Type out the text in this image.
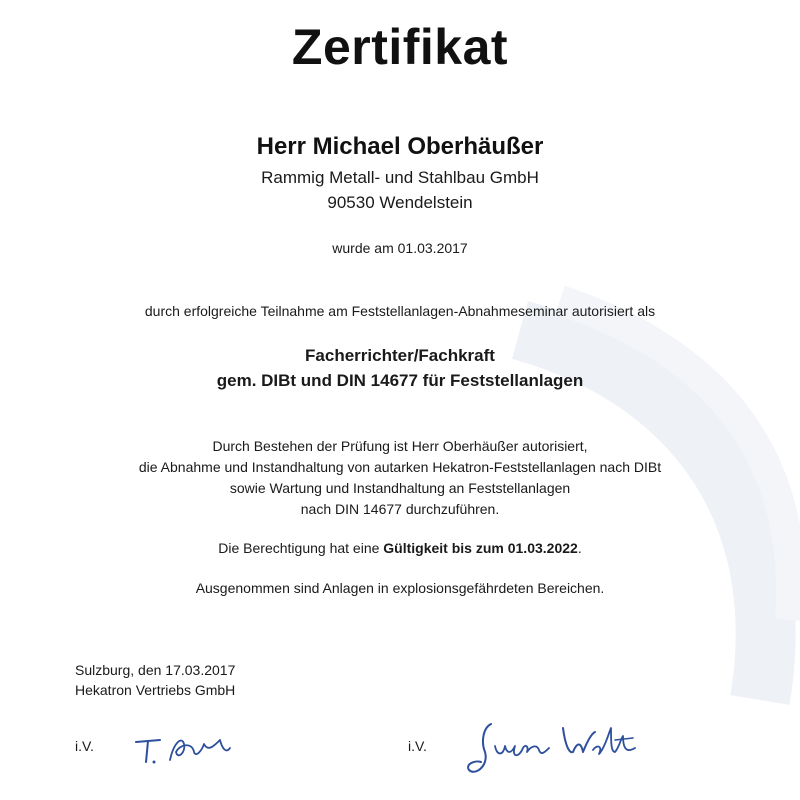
Zertifikat
Herr Michael Oberhäußer
Rammig Metall- und Stahlbau GmbH
90530 Wendelstein
wurde am 01.03.2017
durch erfolgreiche Teilnahme am Feststellanlagen-Abnahmeseminar autorisiert als
Facherrichter/Fachkraft
gem. DIBt und DIN 14677 für Feststellanlagen
Durch Bestehen der Prüfung ist Herr Oberhäußer autorisiert,
die Abnahme und Instandhaltung von autarken Hekatron-Feststellanlagen nach DIBt
sowie Wartung und Instandhaltung an Feststellanlagen
nach DIN 14677 durchzuführen.
Die Berechtigung hat eine Gültigkeit bis zum 01.03.2022.
Ausgenommen sind Anlagen in explosionsgefährdeten Bereichen.
Sulzburg, den 17.03.2017
Hekatron Vertriebs GmbH
i.V.	i.V.
